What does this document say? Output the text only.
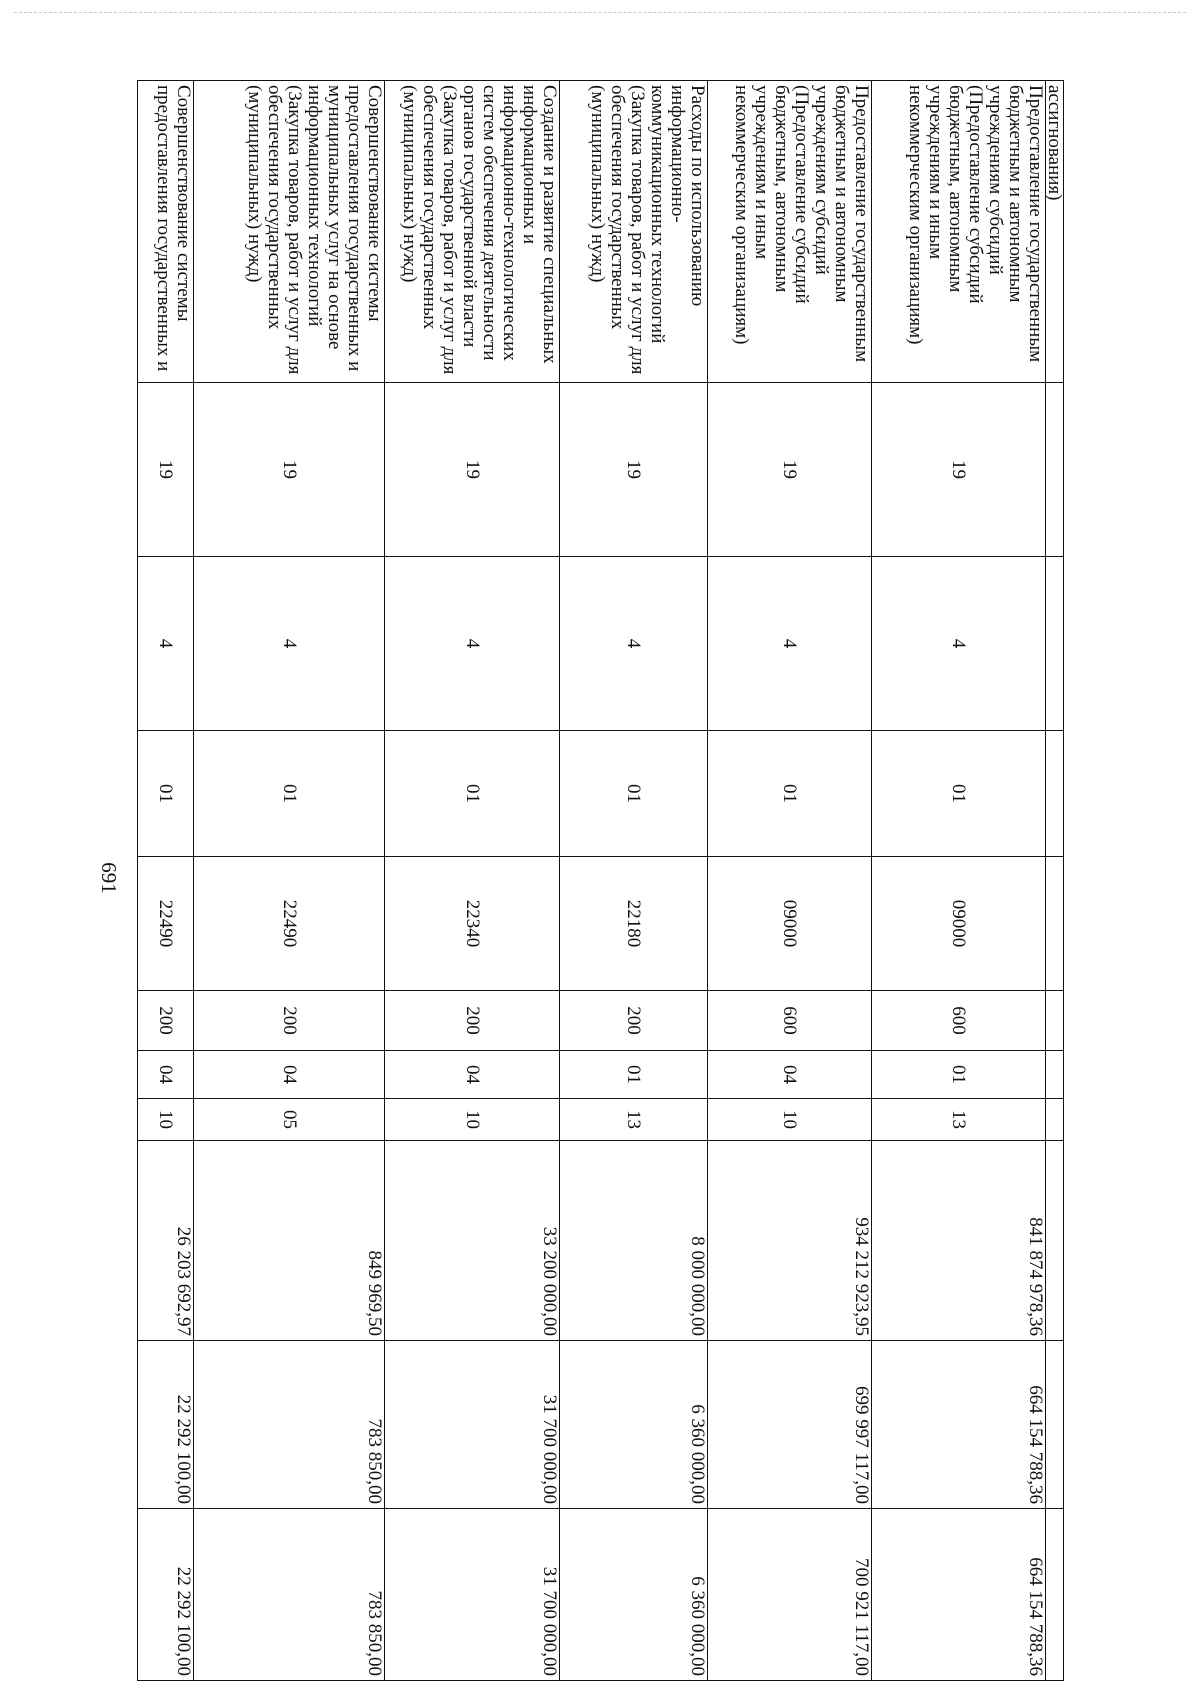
691
ассигнования)										
Предоставление государственным бюджетным и автономным учреждениям субсидий (Предоставление субсидий бюджетным, автономным учреждениям и иным некоммерческим организациям)	19	4	01	09000	600	01	13	841 874 978,36	664 154 788,36	664 154 788,36
Предоставление государственным бюджетным и автономным учреждениям субсидий (Предоставление субсидий бюджетным, автономным учреждениям и иным некоммерческим организациям)	19	4	01	09000	600	04	10	934 212 923,95	699 997 117,00	700 921 117,00
Расходы по использованию информационно-коммуникационных технологий (Закупка товаров, работ и услуг для обеспечения государственных (муниципальных) нужд)	19	4	01	22180	200	01	13	8 000 000,00	6 360 000,00	6 360 000,00
Создание и развитие специальных информационных и информационно-технологических систем обеспечения деятельности органов государственной власти (Закупка товаров, работ и услуг для обеспечения государственных (муниципальных) нужд)	19	4	01	22340	200	04	10	33 200 000,00	31 700 000,00	31 700 000,00
Совершенствование системы предоставления государственных и муниципальных услуг на основе информационных технологий (Закупка товаров, работ и услуг для обеспечения государственных (муниципальных) нужд)	19	4	01	22490	200	04	05	849 969,50	783 850,00	783 850,00
Совершенствование системы предоставления государственных и	19	4	01	22490	200	04	10	26 203 692,97	22 292 100,00	22 292 100,00
